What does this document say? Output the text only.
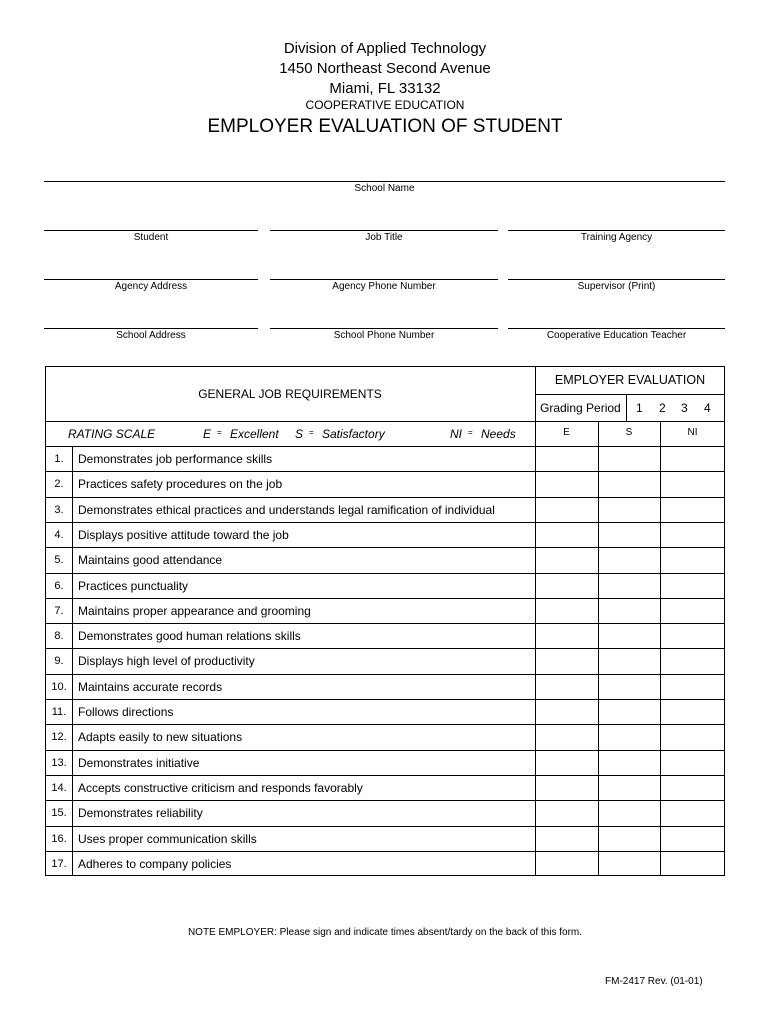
Division of Applied Technology
1450 Northeast Second Avenue
Miami, FL 33132
COOPERATIVE EDUCATION
EMPLOYER EVALUATION OF STUDENT
School Name
Student	Job Title	Training Agency
Agency Address	Agency Phone Number	Supervisor (Print)
School Address	School Phone Number	Cooperative Education Teacher
GENERAL JOB REQUIREMENTS
EMPLOYER EVALUATION
Grading Period 1 2 3 4
RATING SCALE	E = Excellent S = Satisfactory	NI = Needs	E	S	NI
1.	Demonstrates job performance skills
2.	Practices safety procedures on the job
3.	Demonstrates ethical practices and understands legal ramification of individual
4.	Displays positive attitude toward the job
5.	Maintains good attendance
6.	Practices punctuality
7.	Maintains proper appearance and grooming
8.	Demonstrates good human relations skills
9.	Displays high level of productivity
10. Maintains accurate records
11. Follows directions
12. Adapts easily to new situations
13. Demonstrates initiative
14. Accepts constructive criticism and responds favorably
15. Demonstrates reliability
16. Uses proper communication skills
17. Adheres to company policies
NOTE EMPLOYER: Please sign and indicate times absent/tardy on the back of this form.
FM-2417 Rev. (01-01)
